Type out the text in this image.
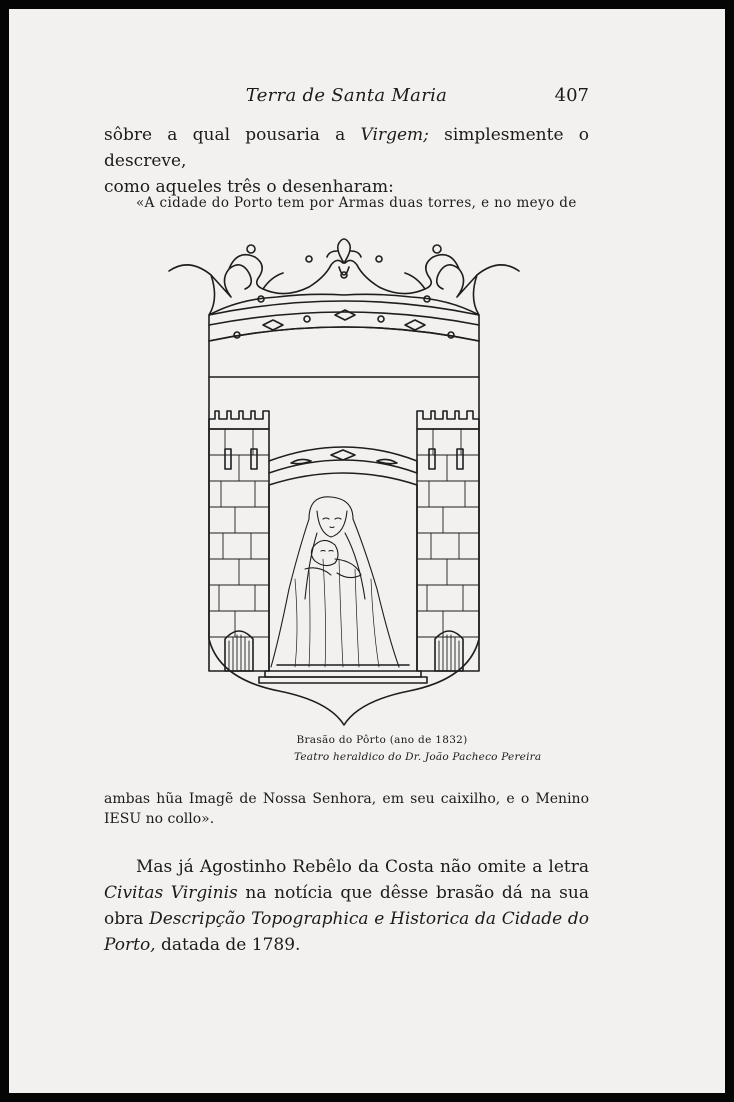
Terra de Santa Maria	407

sôbre a qual pousaria a Virgem; simplesmente o descreve,
como aqueles três o desenharam:

«A cidade do Porto tem por Armas duas torres, e no meyo de

Brasão do Pôrto (ano de 1832)
Teatro heraldico do Dr. João Pacheco Pereira

ambas hũa Imagẽ de Nossa Senhora, em seu caixilho, e o Menino IESU no collo».

Mas já Agostinho Rebêlo da Costa não omite a letra Civitas Virginis na notícia que dêsse brasão dá na sua obra Descripção Topographica e Historica da Cidade do Porto, datada de 1789.
